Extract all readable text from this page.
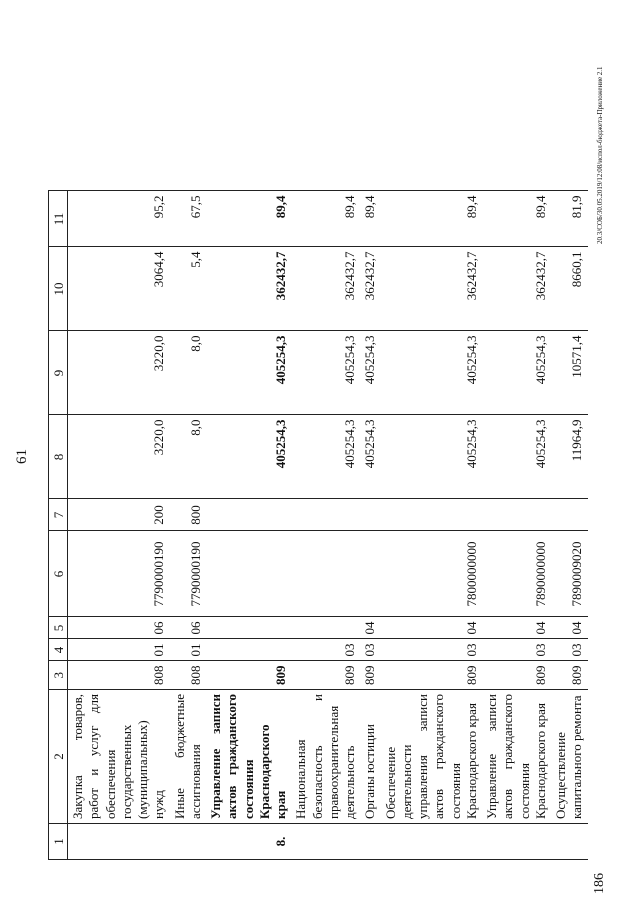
61
186
20.3/СОБ/30.05.2019/12:08/испол-бюджета-Приложение 2.1
1	2	3	4	5	6	7	8	9	10	11
	Закупка товаров, работ и услуг для обеспечения государственных (муниципальных) нужд	808	01	06	7790000190	200	3220,0	3220,0	3064,4	95,2
	Иные бюджетные ассигнования	808	01	06	7790000190	800	8,0	8,0	5,4	67,5
8.	Управление записи актов гражданского состояния Краснодарского края	809					405254,3	405254,3	362432,7	89,4
	Национальная безопасность и правоохранительная деятельность	809	03				405254,3	405254,3	362432,7	89,4
	Органы юстиции	809	03	04			405254,3	405254,3	362432,7	89,4
	Обеспечение деятельности управления записи актов гражданского состояния Краснодарского края	809	03	04	7800000000		405254,3	405254,3	362432,7	89,4
	Управление записи актов гражданского состояния Краснодарского края	809	03	04	7890000000		405254,3	405254,3	362432,7	89,4
	Осуществление капитального ремонта	809	03	04	7890009020		11964,9	10571,4	8660,1	81,9
